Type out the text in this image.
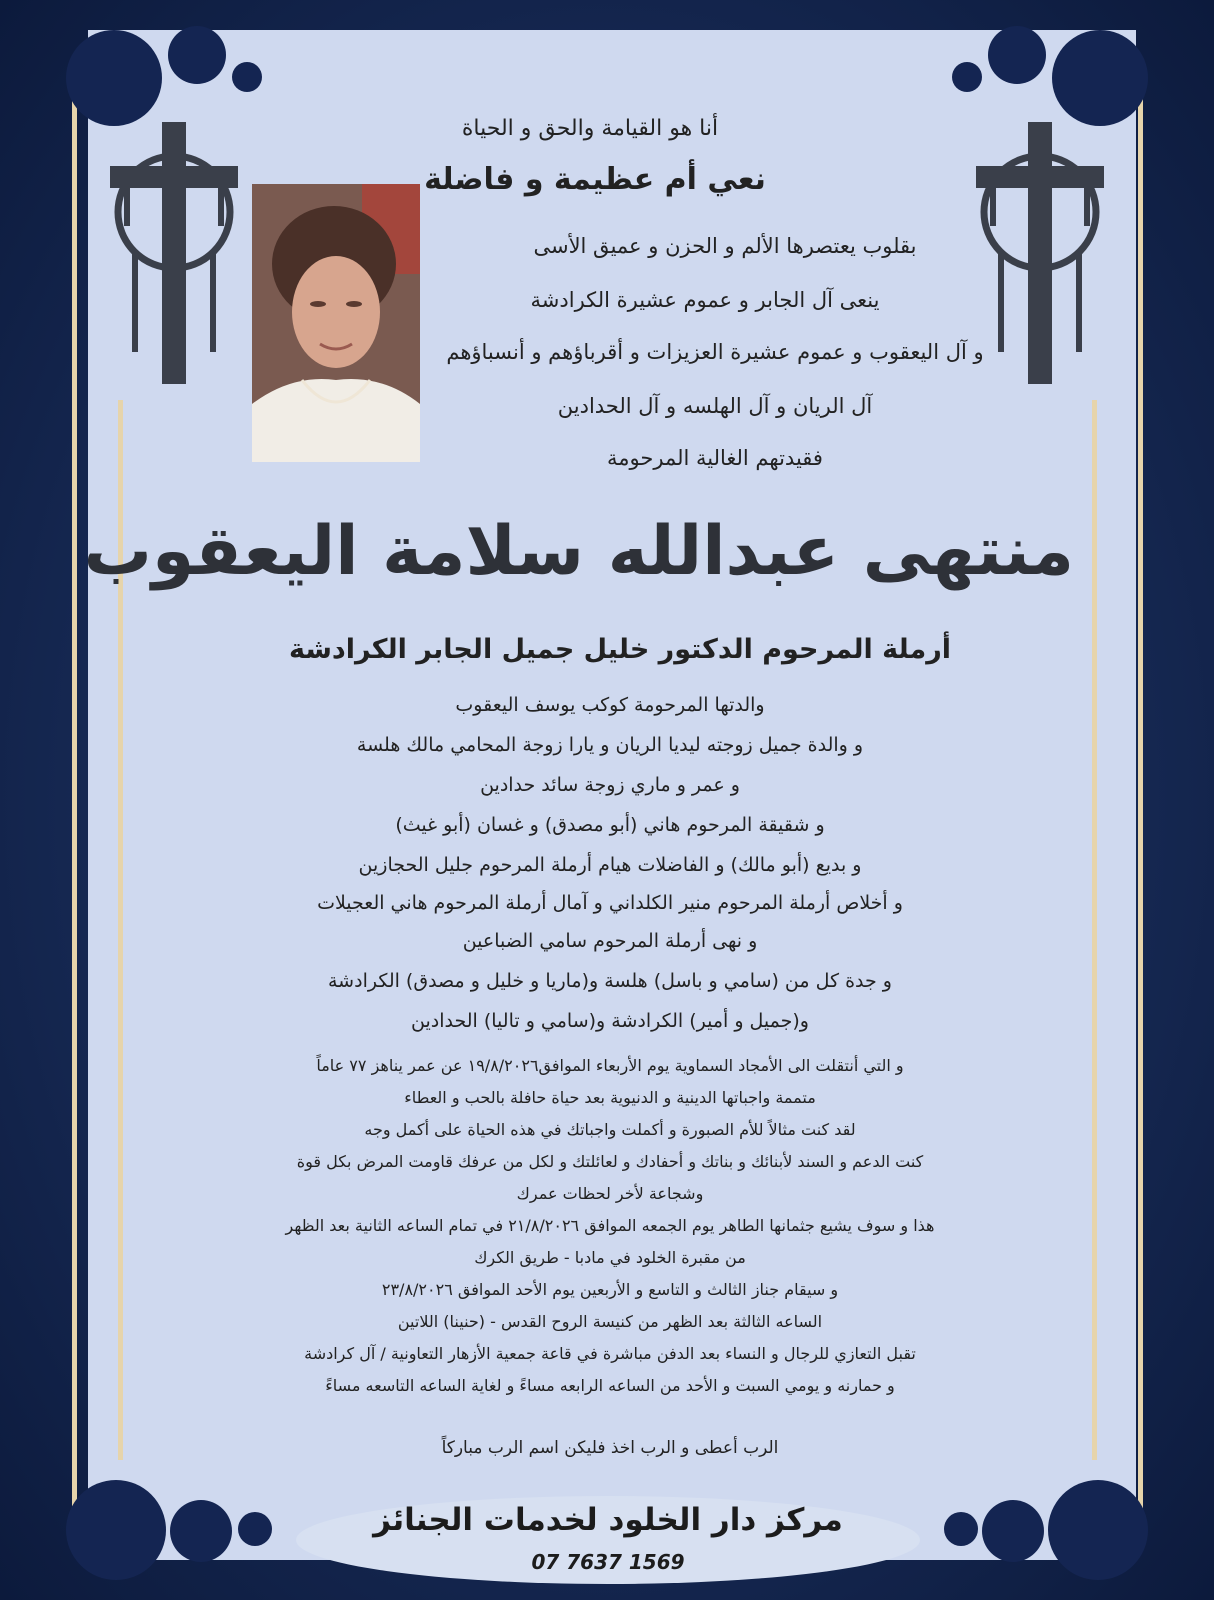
أنا هو القيامة والحق و الحياة
نعي أم عظيمة و فاضلة
بقلوب يعتصرها الألم و الحزن و عميق الأسى
ينعى آل الجابر و عموم عشيرة الكرادشة
و آل اليعقوب و عموم عشيرة العزيزات و أقرباؤهم و أنسباؤهم
آل الريان و آل الهلسه و آل الحدادين
فقيدتهم الغالية المرحومة
منتهى عبدالله سلامة اليعقوب
أرملة المرحوم الدكتور خليل جميل الجابر الكرادشة
والدتها المرحومة كوكب يوسف اليعقوب
و والدة جميل زوجته ليديا الريان و يارا زوجة المحامي مالك هلسة
و عمر و ماري زوجة سائد حدادين
و شقيقة المرحوم هاني (أبو مصدق) و غسان (أبو غيث)
و بديع (أبو مالك) و الفاضلات هيام أرملة المرحوم جليل الحجازين
و أخلاص أرملة المرحوم منير الكلداني و آمال أرملة المرحوم هاني العجيلات
و نهى أرملة المرحوم سامي الضباعين
و جدة كل من (سامي و باسل) هلسة و(ماريا و خليل و مصدق) الكرادشة
و(جميل و أمير) الكرادشة و(سامي و تاليا) الحدادين
و التي أنتقلت الى الأمجاد السماوية يوم الأربعاء الموافق١٩/٨/٢٠٢٦ عن عمر يناهز ٧٧ عاماً
متممة واجباتها الدينية و الدنيوية بعد حياة حافلة بالحب و العطاء
لقد كنت مثالاً للأم الصبورة و أكملت واجباتك في هذه الحياة على أكمل وجه
كنت الدعم و السند لأبنائك و بناتك و أحفادك و لعائلتك و لكل من عرفك قاومت المرض بكل قوة
وشجاعة لأخر لحظات عمرك
هذا و سوف يشيع جثمانها الطاهر يوم الجمعه الموافق ٢١/٨/٢٠٢٦ في تمام الساعه الثانية بعد الظهر
من مقبرة الخلود في مادبا - طريق الكرك
و سيقام جناز الثالث و التاسع و الأربعين يوم الأحد الموافق ٢٣/٨/٢٠٢٦
الساعه الثالثة بعد الظهر من كنيسة الروح القدس - (حنينا) اللاتين
تقبل التعازي للرجال و النساء بعد الدفن مباشرة في قاعة جمعية الأزهار التعاونية / آل كرادشة
و حمارنه و يومي السبت و الأحد من الساعه الرابعه مساءً و لغاية الساعه التاسعه مساءً
الرب أعطى و الرب اخذ فليكن اسم الرب مباركاً
مركز دار الخلود لخدمات الجنائز
07 7637 1569
